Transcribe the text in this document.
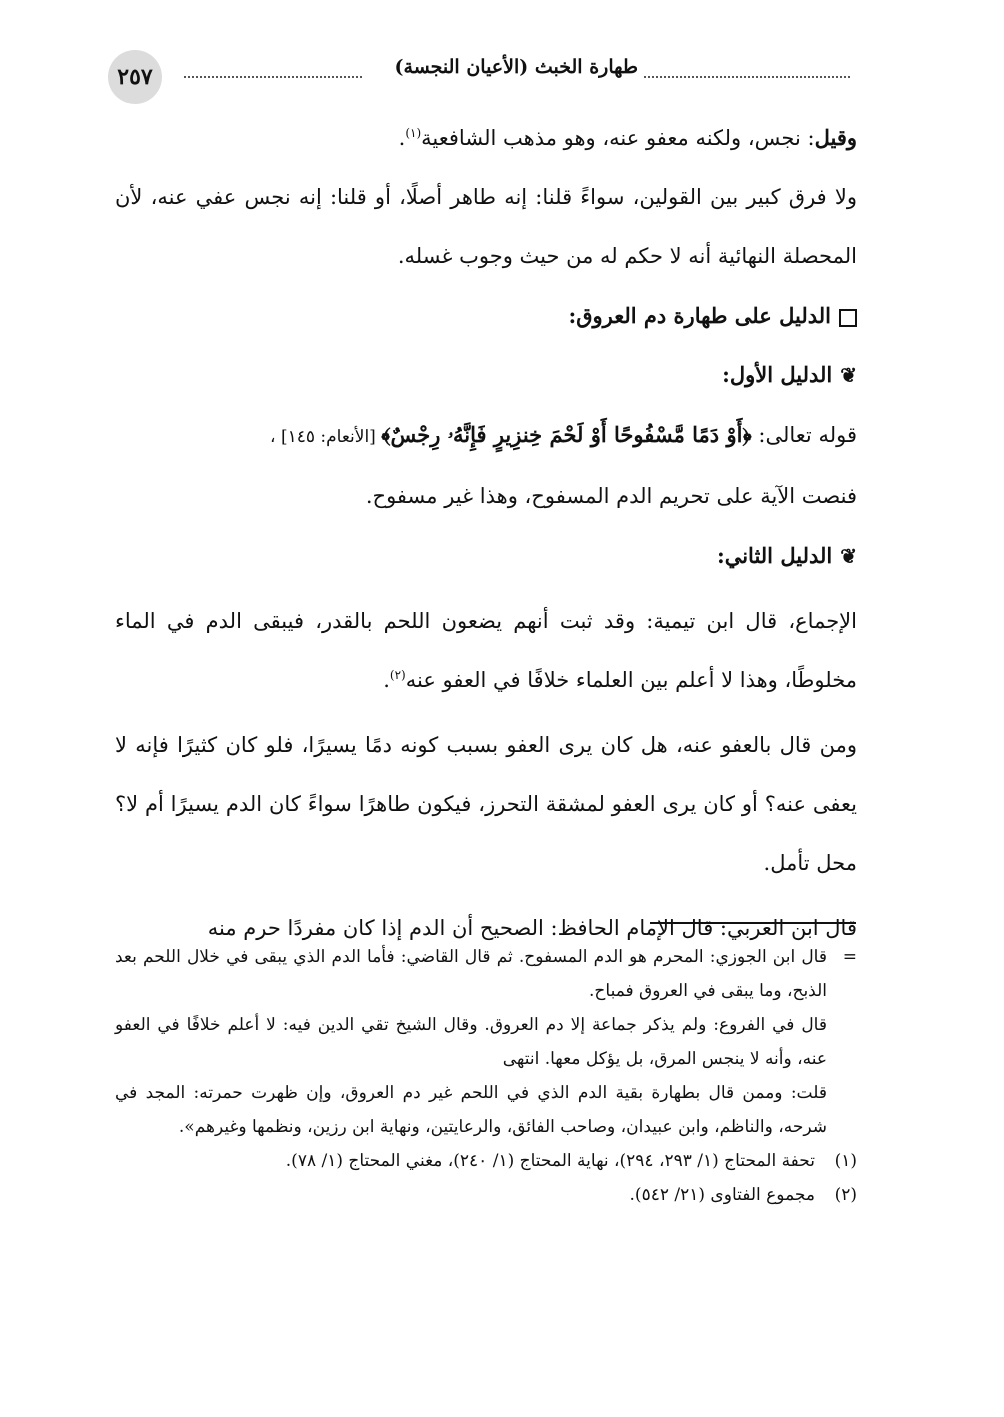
٢٥٧	طهارة الخبث (الأعيان النجسة)

وقيل: نجس، ولكنه معفو عنه، وهو مذهب الشافعية$^{(١)}$.

ولا فرق كبير بين القولين، سواءً قلنا: إنه طاهر أصلًا، أو قلنا: إنه نجس عفي عنه، لأن المحصلة النهائية أنه لا حكم له من حيث وجوب غسله.

الدليل على طهارة دم العروق:

❦الدليل الأول:

قوله تعالى: ﴿أَوْ دَمًا مَّسْفُوحًا أَوْ لَحْمَ خِنزِيرٍ فَإِنَّهُۥ رِجْسٌ﴾ [الأنعام: ١٤٥] ،
فنصت الآية على تحريم الدم المسفوح، وهذا غير مسفوح.

❦الدليل الثاني:

الإجماع، قال ابن تيمية: وقد ثبت أنهم يضعون اللحم بالقدر، فيبقى الدم في الماء مخلوطًا، وهذا لا أعلم بين العلماء خلافًا في العفو عنه$^{(٢)}$.

ومن قال بالعفو عنه، هل كان يرى العفو بسبب كونه دمًا يسيرًا، فلو كان كثيرًا فإنه لا يعفى عنه؟ أو كان يرى العفو لمشقة التحرز، فيكون طاهرًا سواءً كان الدم يسيرًا أم لا؟ محل تأمل.

قال ابن العربي: قال الإمام الحافظ: الصحيح أن الدم إذا كان مفردًا حرم منه

=
قال ابن الجوزي: المحرم هو الدم المسفوح. ثم قال القاضي: فأما الدم الذي يبقى في خلال اللحم بعد الذبح، وما يبقى في العروق فمباح.

قال في الفروع: ولم يذكر جماعة إلا دم العروق. وقال الشيخ تقي الدين فيه: لا أعلم خلافًا في العفو عنه، وأنه لا ينجس المرق، بل يؤكل معها. انتهى

قلت: وممن قال بطهارة بقية الدم الذي في اللحم غير دم العروق، وإن ظهرت حمرته: المجد في شرحه، والناظم، وابن عبيدان، وصاحب الفائق، والرعايتين، ونهاية ابن رزين، ونظمها وغيرهم».

(١)
تحفة المحتاج (١/ ٢٩٣، ٢٩٤)، نهاية المحتاج (١/ ٢٤٠)، مغني المحتاج (١/ ٧٨).

(٢)
مجموع الفتاوى (٢١/ ٥٤٢).
